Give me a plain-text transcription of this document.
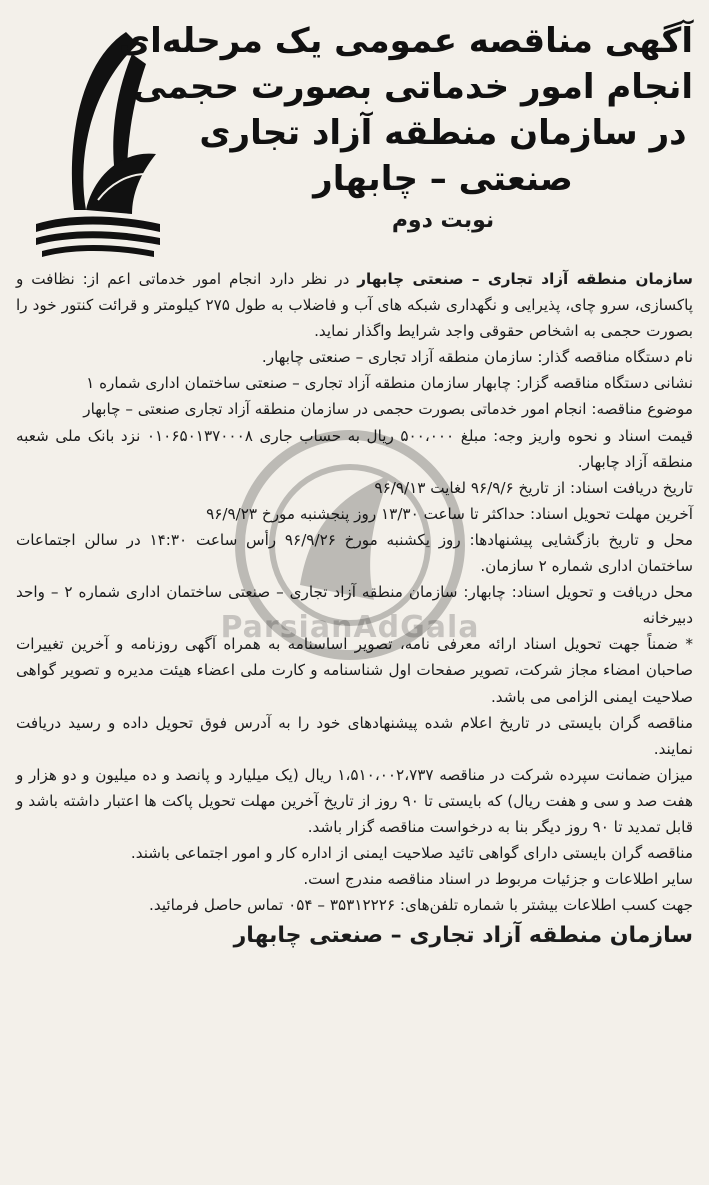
آگهی مناقصه عمومی یک مرحله‌ای
انجام امور خدماتی بصورت حجمی
در سازمان منطقه آزاد تجاری
صنعتی – چابهار
نوبت دوم
ParsianAdGala

سازمان منطقه آزاد تجاری – صنعتی چابهار در نظر دارد انجام امور خدماتی اعم از: نظافت و پاکسازی، سرو چای، پذیرایی و نگهداری شبکه های آب و فاضلاب به طول ۲۷۵ کیلومتر و قرائت کنتور خود را بصورت حجمی به اشخاص حقوقی واجد شرایط واگذار نماید.

نام دستگاه مناقصه گذار: سازمان منطقه آزاد تجاری – صنعتی چابهار.

نشانی دستگاه مناقصه گزار: چابهار سازمان منطقه آزاد تجاری – صنعتی ساختمان اداری شماره ۱

موضوع مناقصه: انجام امور خدماتی بصورت حجمی در سازمان منطقه آزاد تجاری صنعتی – چابهار

قیمت اسناد و نحوه واریز وجه: مبلغ ۵۰۰،۰۰۰ ریال به حساب جاری ۰۱۰۶۵۰۱۳۷۰۰۰۸ نزد بانک ملی شعبه منطقه آزاد چابهار.

تاریخ دریافت اسناد: از تاریخ ۹۶/۹/۶ لغایت ۹۶/۹/۱۳

آخرین مهلت تحویل اسناد: حداکثر تا ساعت ۱۳/۳۰ روز پنجشنبه مورخ ۹۶/۹/۲۳

محل و تاریخ بازگشایی پیشنهادها: روز یکشنبه مورخ ۹۶/۹/۲۶ رأس ساعت ۱۴:۳۰ در سالن اجتماعات ساختمان اداری شماره ۲ سازمان.

محل دریافت و تحویل اسناد: چابهار: سازمان منطقه آزاد تجاری – صنعتی ساختمان اداری شماره ۲ – واحد دبیرخانه

* ضمناً جهت تحویل اسناد ارائه معرفی نامه، تصویر اساسنامه به همراه آگهی روزنامه و آخرین تغییرات صاحبان امضاء مجاز شرکت، تصویر صفحات اول شناسنامه و کارت ملی اعضاء هیئت مدیره و تصویر گواهی صلاحیت ایمنی الزامی می باشد.

مناقصه گران بایستی در تاریخ اعلام شده پیشنهادهای خود را به آدرس فوق تحویل داده و رسید دریافت نمایند.

میزان ضمانت سپرده شرکت در مناقصه ۱،۵۱۰،۰۰۲،۷۳۷ ریال (یک میلیارد و پانصد و ده میلیون و دو هزار و هفت صد و سی و هفت ریال) که بایستی تا ۹۰ روز از تاریخ آخرین مهلت تحویل پاکت ها اعتبار داشته باشد و قابل تمدید تا ۹۰ روز دیگر بنا به درخواست مناقصه گزار باشد.

مناقصه گران بایستی دارای گواهی تائید صلاحیت ایمنی از اداره کار و امور اجتماعی باشند.

سایر اطلاعات و جزئیات مربوط در اسناد مناقصه مندرج است.

جهت کسب اطلاعات بیشتر با شماره تلفن‌های: ۳۵۳۱۲۲۲۶ – ۰۵۴ تماس حاصل فرمائید.

سازمان منطقه آزاد تجاری – صنعتی چابهار
